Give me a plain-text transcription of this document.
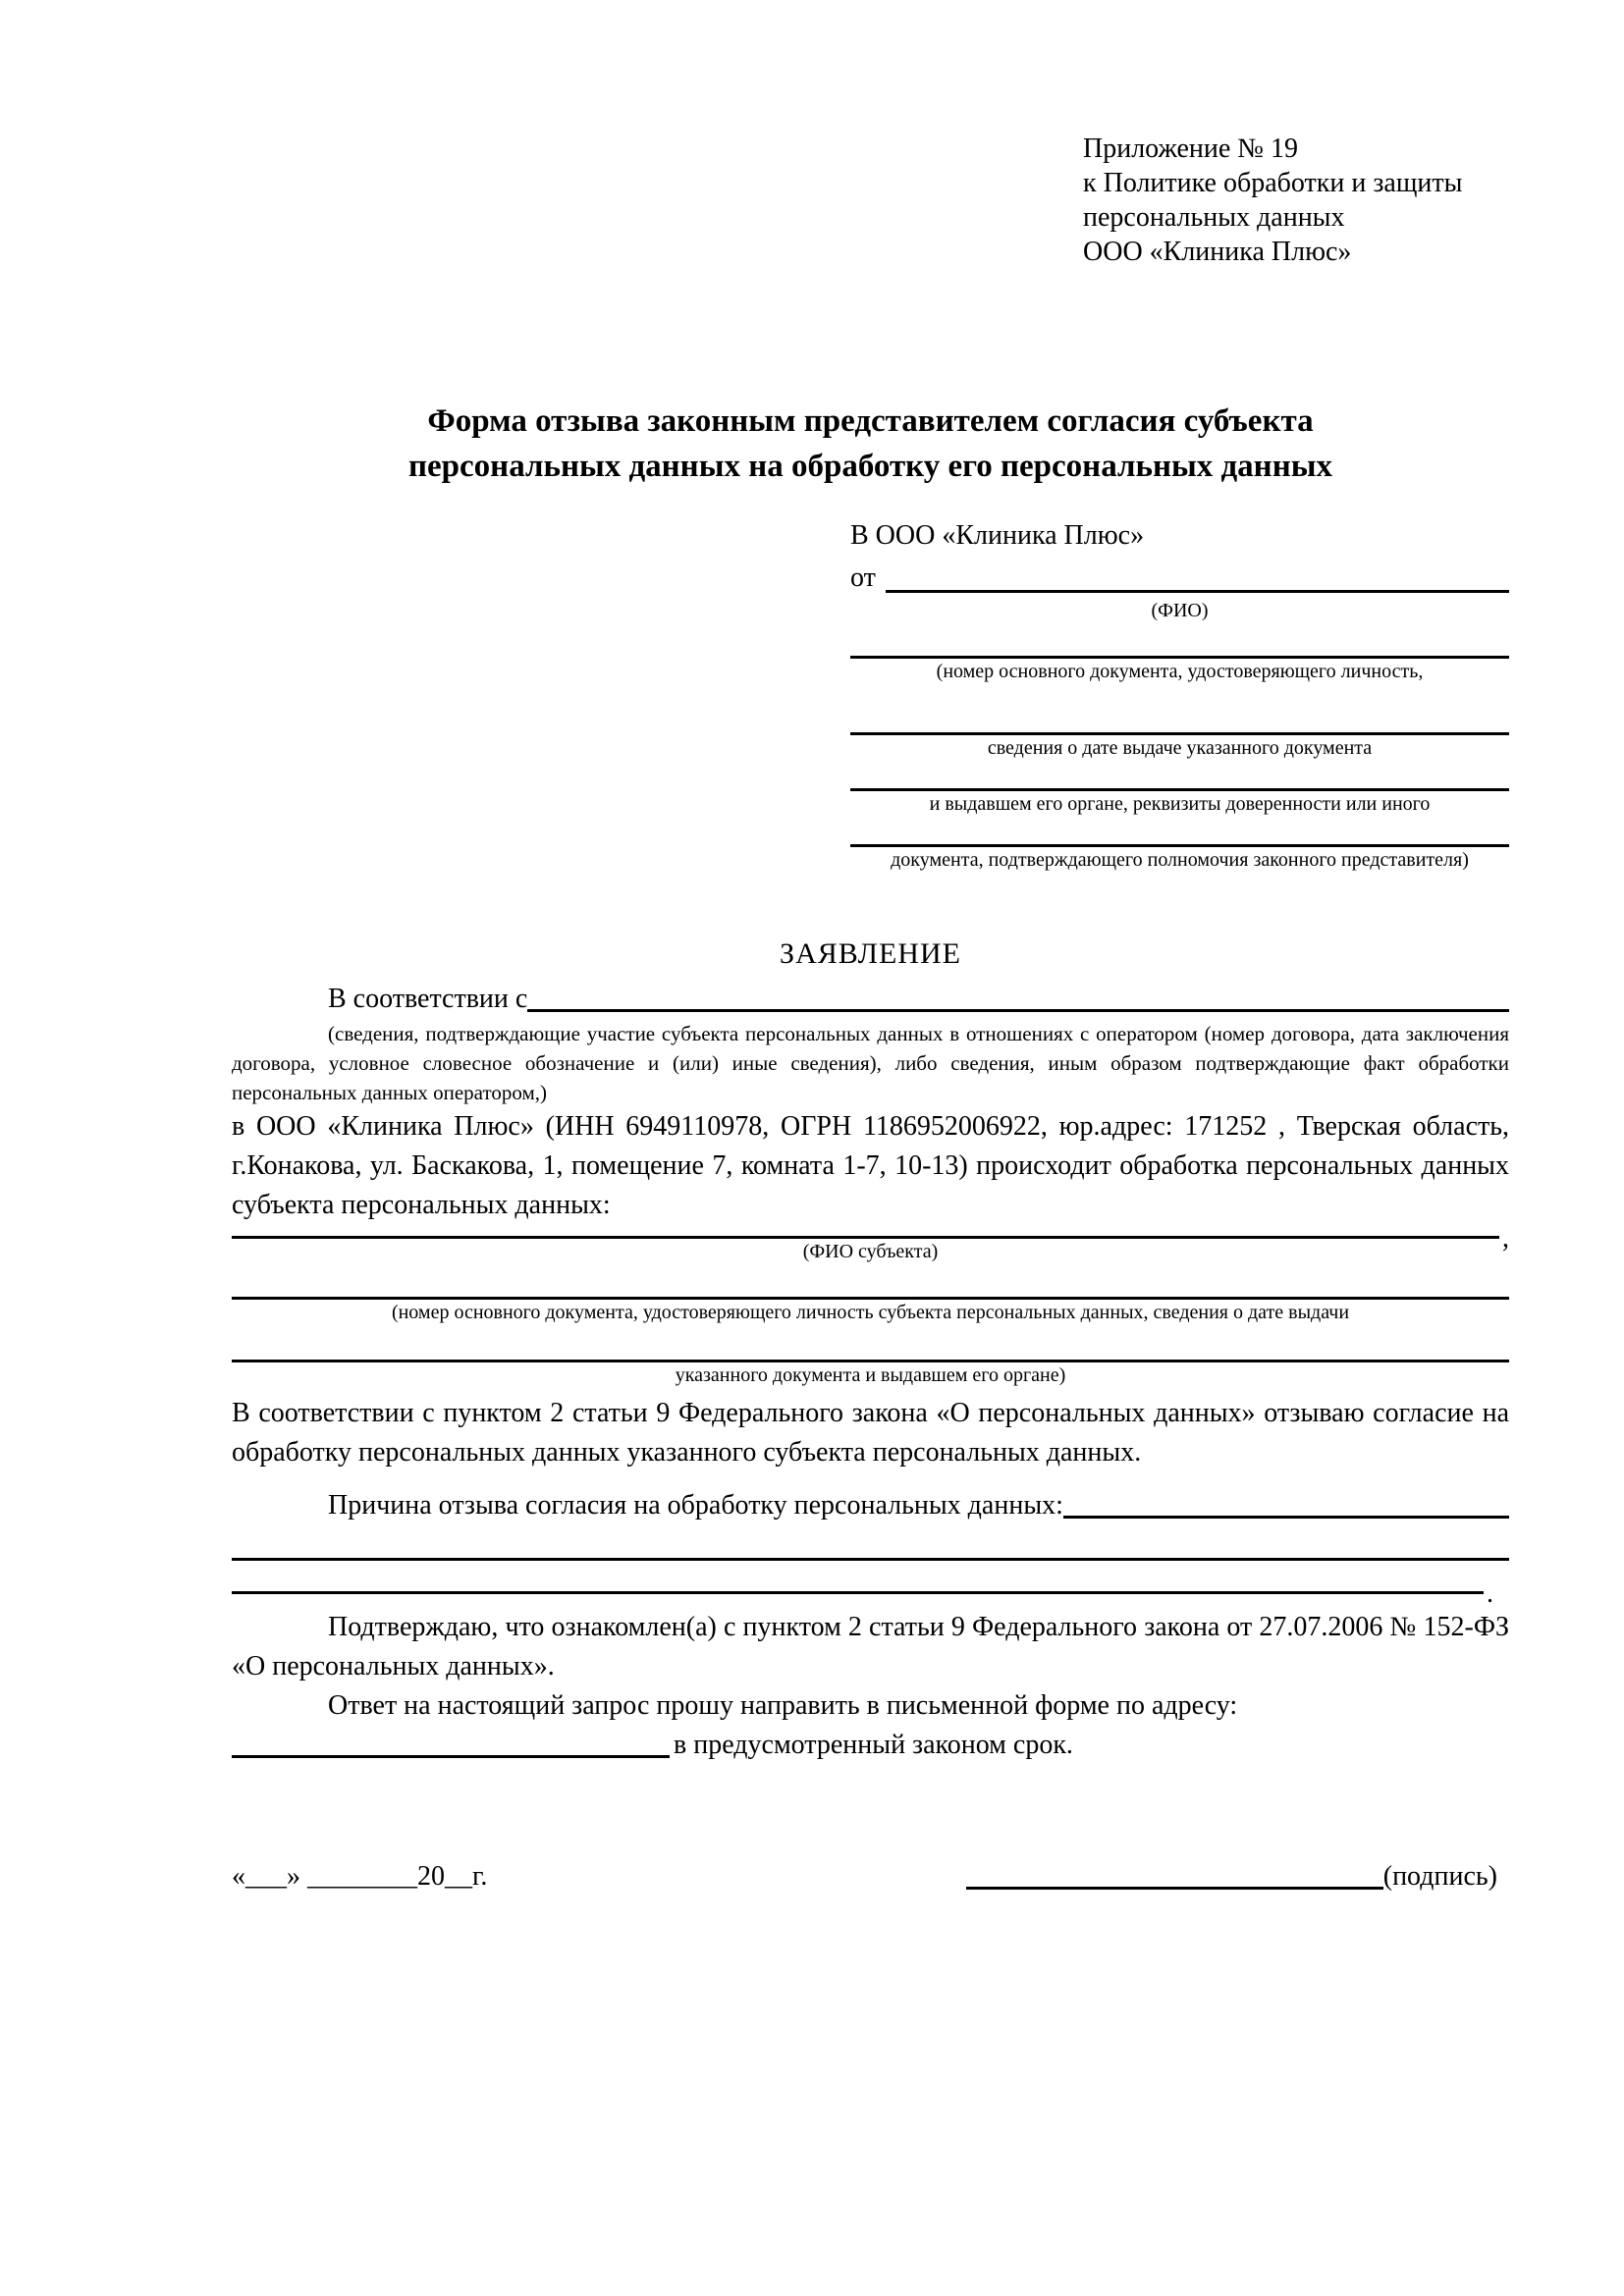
Приложение № 19
к Политике обработки и защиты
персональных данных
ООО «Клиника Плюс»
Форма отзыва законным представителем согласия субъекта
персональных данных на обработку его персональных данных
В ООО «Клиника Плюс»
от
(ФИО)
(номер основного документа, удостоверяющего личность,
сведения о дате выдаче указанного документа
и выдавшем его органе, реквизиты доверенности или иного
документа, подтверждающего полномочия законного представителя)
ЗАЯВЛЕНИЕ
В соответствии с

(сведения, подтверждающие участие субъекта персональных данных в отношениях с оператором (номер договора, дата заключения договора, условное словесное обозначение и (или) иные сведения), либо сведения, иным образом подтверждающие факт обработки персональных данных оператором,)

в ООО «Клиника Плюс» (ИНН 6949110978, ОГРН 1186952006922, юр.адрес: 171252 , Тверская область, г.Конакова, ул. Баскакова, 1, помещение 7, комната 1-7, 10-13) происходит обработка персональных данных субъекта персональных данных:

,
(ФИО субъекта)
(номер основного документа, удостоверяющего личность субъекта персональных данных, сведения о дате выдачи
указанного документа и выдавшем его органе)

В соответствии с пунктом 2 статьи 9 Федерального закона «О персональных данных» отзываю согласие на обработку персональных данных указанного субъекта персональных данных.

Причина отзыва согласия на обработку персональных данных:
.

Подтверждаю, что ознакомлен(а) с пунктом 2 статьи 9 Федерального закона от 27.07.2006 № 152-ФЗ «О персональных данных».

Ответ на настоящий запрос прошу направить в письменной форме по адресу:

в предусмотренный законом срок.
«___» ________20__г.	(подпись)
